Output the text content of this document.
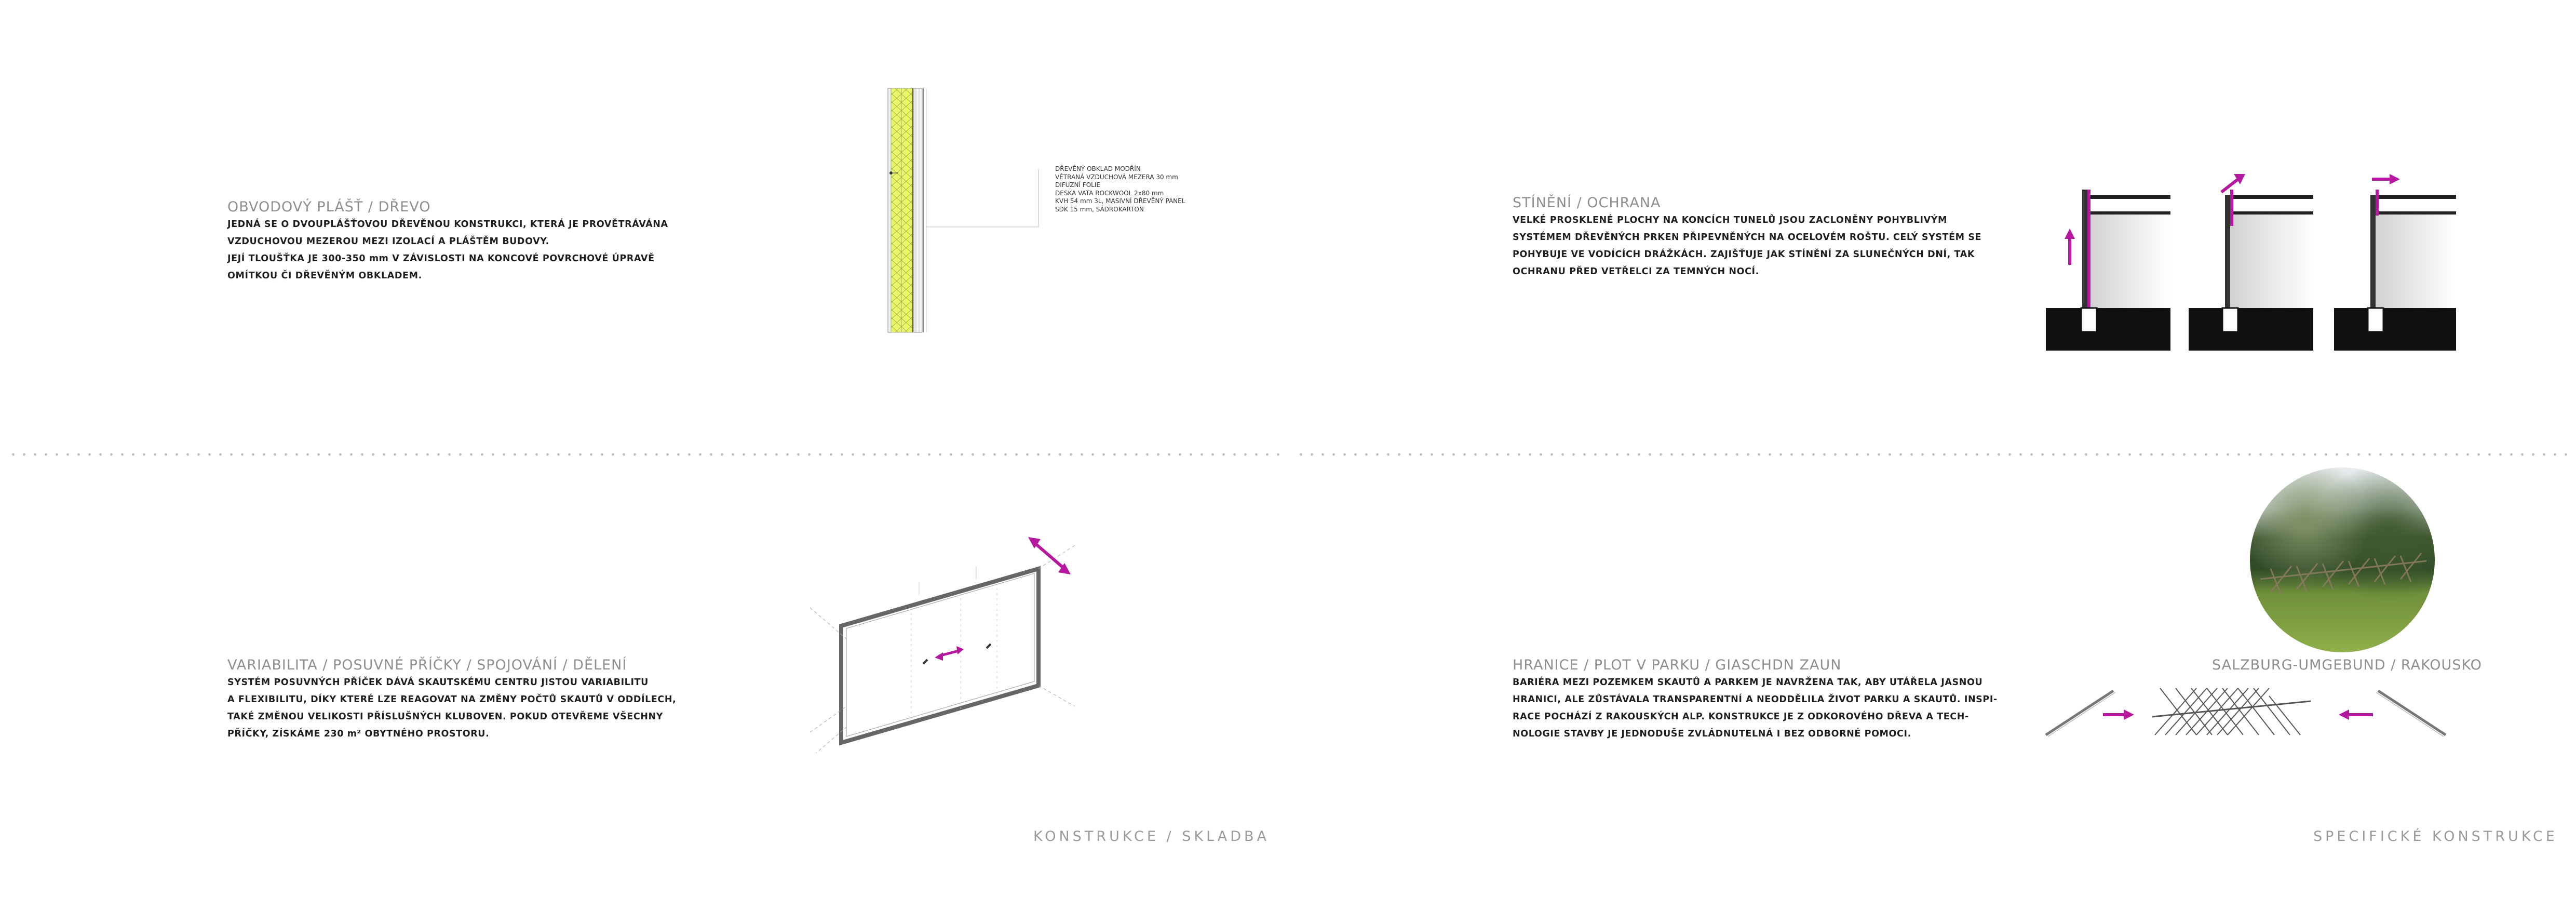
OBVODOVÝ PLÁŠŤ / DŘEVO
JEDNÁ SE O DVOUPLÁŠŤOVOU DŘEVĚNOU KONSTRUKCI, KTERÁ JE PROVĚTRÁVÁNA
VZDUCHOVOU MEZEROU MEZI IZOLACÍ A PLÁŠTĚM BUDOVY.
JEJÍ TLOUŠŤKA JE 300-350 mm V ZÁVISLOSTI NA KONCOVÉ POVRCHOVÉ ÚPRAVĚ
OMÍTKOU ČI DŘEVĚNÝM OBKLADEM.
DŘEVĚNÝ OBKLAD MODŘÍN
VĚTRANÁ VZDUCHOVÁ MEZERA 30 mm
DIFUZNÍ FOLIE
DESKA VATA ROCKWOOL 2x80 mm
KVH 54 mm 3L, MASIVNÍ DŘEVĚNÝ PANEL
SDK 15 mm, SÁDROKARTON	STÍNĚNÍ / OCHRANA
VELKÉ PROSKLENÉ PLOCHY NA KONCÍCH TUNELŮ JSOU ZACLONĚNY POHYBLIVÝM
SYSTÉMEM DŘEVĚNÝCH PRKEN PŘIPEVNĚNÝCH NA OCELOVÉM ROŠTU. CELÝ SYSTÉM SE
POHYBUJE VE VODÍCÍCH DRÁŽKÁCH. ZAJIŠŤUJE JAK STÍNĚNÍ ZA SLUNEČNÝCH DNÍ, TAK
OCHRANU PŘED VETŘELCI ZA TEMNÝCH NOCÍ.
VARIABILITA / POSUVNÉ PŘÍČKY / SPOJOVÁNÍ / DĚLENÍ
SYSTÉM POSUVNÝCH PŘÍČEK DÁVÁ SKAUTSKÉMU CENTRU JISTOU VARIABILITU
A FLEXIBILITU, DÍKY KTERÉ LZE REAGOVAT NA ZMĚNY POČTŮ SKAUTŮ V ODDÍLECH,
TAKÉ ZMĚNOU VELIKOSTI PŘÍSLUŠNÝCH KLUBOVEN. POKUD OTEVŘEME VŠECHNY
PŘÍČKY, ZÍSKÁME 230 m² OBYTNÉHO PROSTORU.
HRANICE / PLOT V PARKU / GIASCHDN ZAUN
BARIÉRA MEZI POZEMKEM SKAUTŮ A PARKEM JE NAVRŽENA TAK, ABY UTÁŘELA JASNOU
HRANICI, ALE ZŮSTÁVALA TRANSPARENTNÍ A NEODDĚLILA ŽIVOT PARKU A SKAUTŮ. INSPI-
RACE POCHÁZÍ Z RAKOUSKÝCH ALP. KONSTRUKCE JE Z ODKOROVÉHO DŘEVA A TECH-
NOLOGIE STAVBY JE JEDNODUŠE ZVLÁDNUTELNÁ I BEZ ODBORNÉ POMOCI.
SALZBURG-UMGEBUND / RAKOUSKO
KONSTRUKCE / SKLADBA	SPECIFICKÉ KONSTRUKCE
